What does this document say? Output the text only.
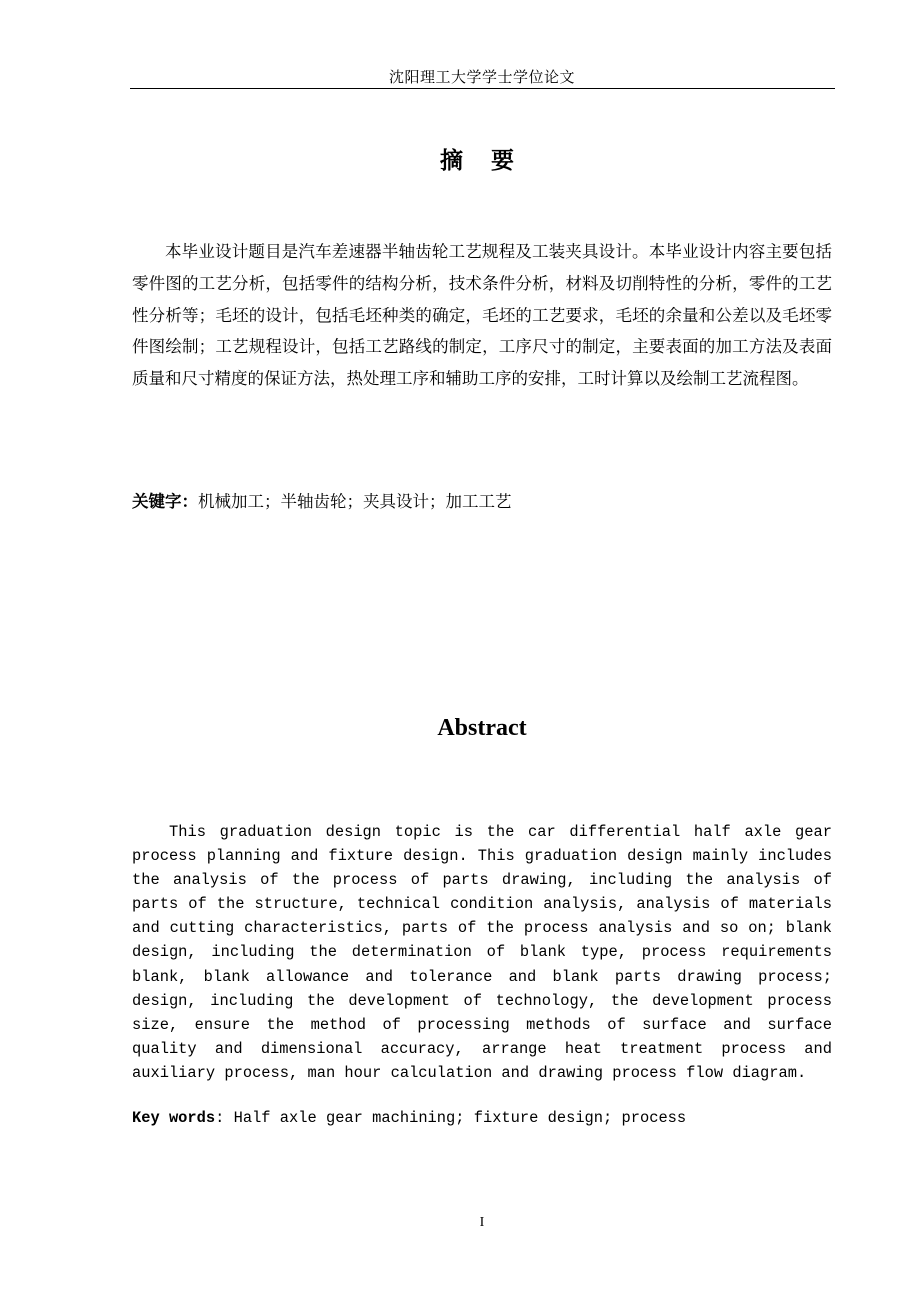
沈阳理工大学学士学位论文
摘 要

本毕业设计题目是汽车差速器半轴齿轮工艺规程及工装夹具设计。本毕业设计内容主要包括零件图的工艺分析，包括零件的结构分析，技术条件分析，材料及切削特性的分析，零件的工艺性分析等；毛坯的设计，包括毛坯种类的确定，毛坯的工艺要求，毛坯的余量和公差以及毛坯零件图绘制；工艺规程设计，包括工艺路线的制定，工序尺寸的制定，主要表面的加工方法及表面质量和尺寸精度的保证方法，热处理工序和辅助工序的安排，工时计算以及绘制工艺流程图。

关键字：机械加工；半轴齿轮；夹具设计；加工工艺

Abstract

This graduation design topic is the car differential half axle gear process planning and fixture design. This graduation design mainly includes the analysis of the process of parts drawing, including the analysis of parts of the structure, technical condition analysis, analysis of materials and cutting characteristics, parts of the process analysis and so on; blank design, including the determination of blank type, process requirements blank, blank allowance and tolerance and blank parts drawing process; design, including the development of technology, the development process size, ensure the method of processing methods of surface and surface quality and dimensional accuracy, arrange heat treatment process and auxiliary process, man hour calculation and drawing process flow diagram.

Key words: Half axle gear machining; fixture design; process

I
